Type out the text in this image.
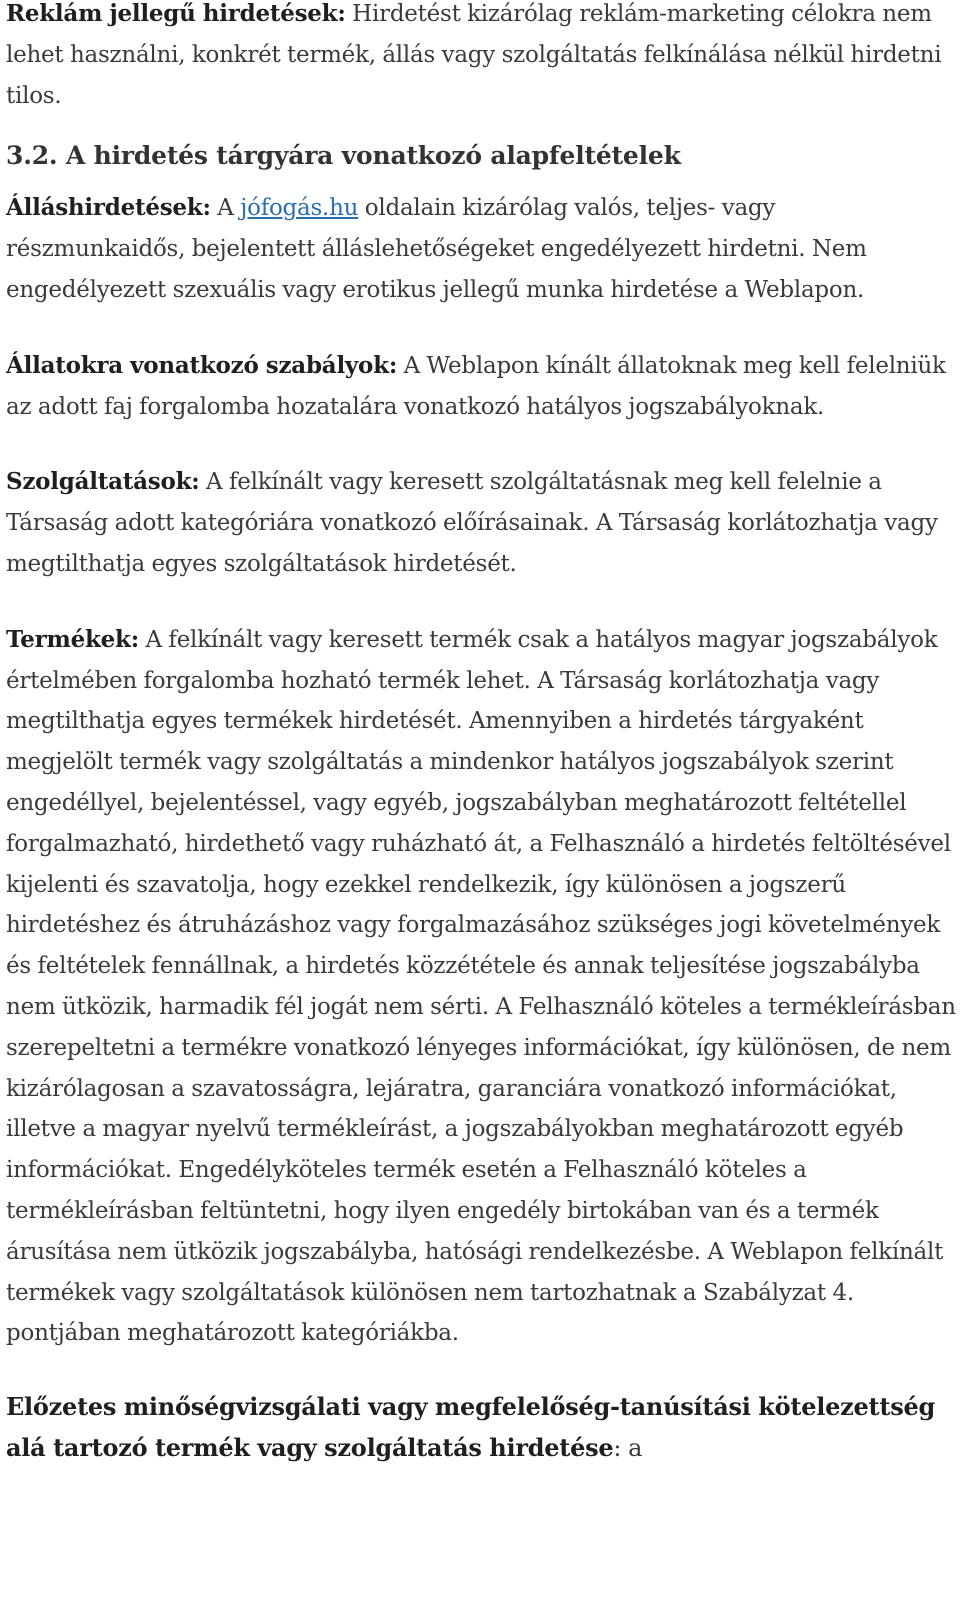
Reklám jellegű hirdetések: Hirdetést kizárólag reklám-marketing célokra nem lehet használni, konkrét termék, állás vagy szolgáltatás felkínálása nélkül hirdetni tilos.

3.2. A hirdetés tárgyára vonatkozó alapfeltételek

Álláshirdetések: A jófogás.hu oldalain kizárólag valós, teljes- vagy részmunkaidős, bejelentett álláslehetőségeket engedélyezett hirdetni. Nem engedélyezett szexuális vagy erotikus jellegű munka hirdetése a Weblapon.

Állatokra vonatkozó szabályok: A Weblapon kínált állatoknak meg kell felelniük az adott faj forgalomba hozatalára vonatkozó hatályos jogszabályoknak.

Szolgáltatások: A felkínált vagy keresett szolgáltatásnak meg kell felelnie a Társaság adott kategóriára vonatkozó előírásainak. A Társaság korlátozhatja vagy megtilthatja egyes szolgáltatások hirdetését.

Termékek: A felkínált vagy keresett termék csak a hatályos magyar jogszabályok értelmében forgalomba hozható termék lehet. A Társaság korlátozhatja vagy megtilthatja egyes termékek hirdetését. Amennyiben a hirdetés tárgyaként megjelölt termék vagy szolgáltatás a mindenkor hatályos jogszabályok szerint engedéllyel, bejelentéssel, vagy egyéb, jogszabályban meghatározott feltétellel forgalmazható, hirdethető vagy ruházható át, a Felhasználó a hirdetés feltöltésével kijelenti és szavatolja, hogy ezekkel rendelkezik, így különösen a jogszerű hirdetéshez és átruházáshoz vagy forgalmazásához szükséges jogi követelmények és feltételek fennállnak, a hirdetés közzététele és annak teljesítése jogszabályba nem ütközik, harmadik fél jogát nem sérti. A Felhasználó köteles a termékleírásban szerepeltetni a termékre vonatkozó lényeges információkat, így különösen, de nem kizárólagosan a szavatosságra, lejáratra, garanciára vonatkozó információkat, illetve a magyar nyelvű termékleírást, a jogszabályokban meghatározott egyéb információkat. Engedélyköteles termék esetén a Felhasználó köteles a termékleírásban feltüntetni, hogy ilyen engedély birtokában van és a termék árusítása nem ütközik jogszabályba, hatósági rendelkezésbe. A Weblapon felkínált termékek vagy szolgáltatások különösen nem tartozhatnak a Szabályzat 4. pontjában meghatározott kategóriákba.

Előzetes minőségvizsgálati vagy megfelelőség-tanúsítási kötelezettség alá tartozó termék vagy szolgáltatás hirdetése: a
